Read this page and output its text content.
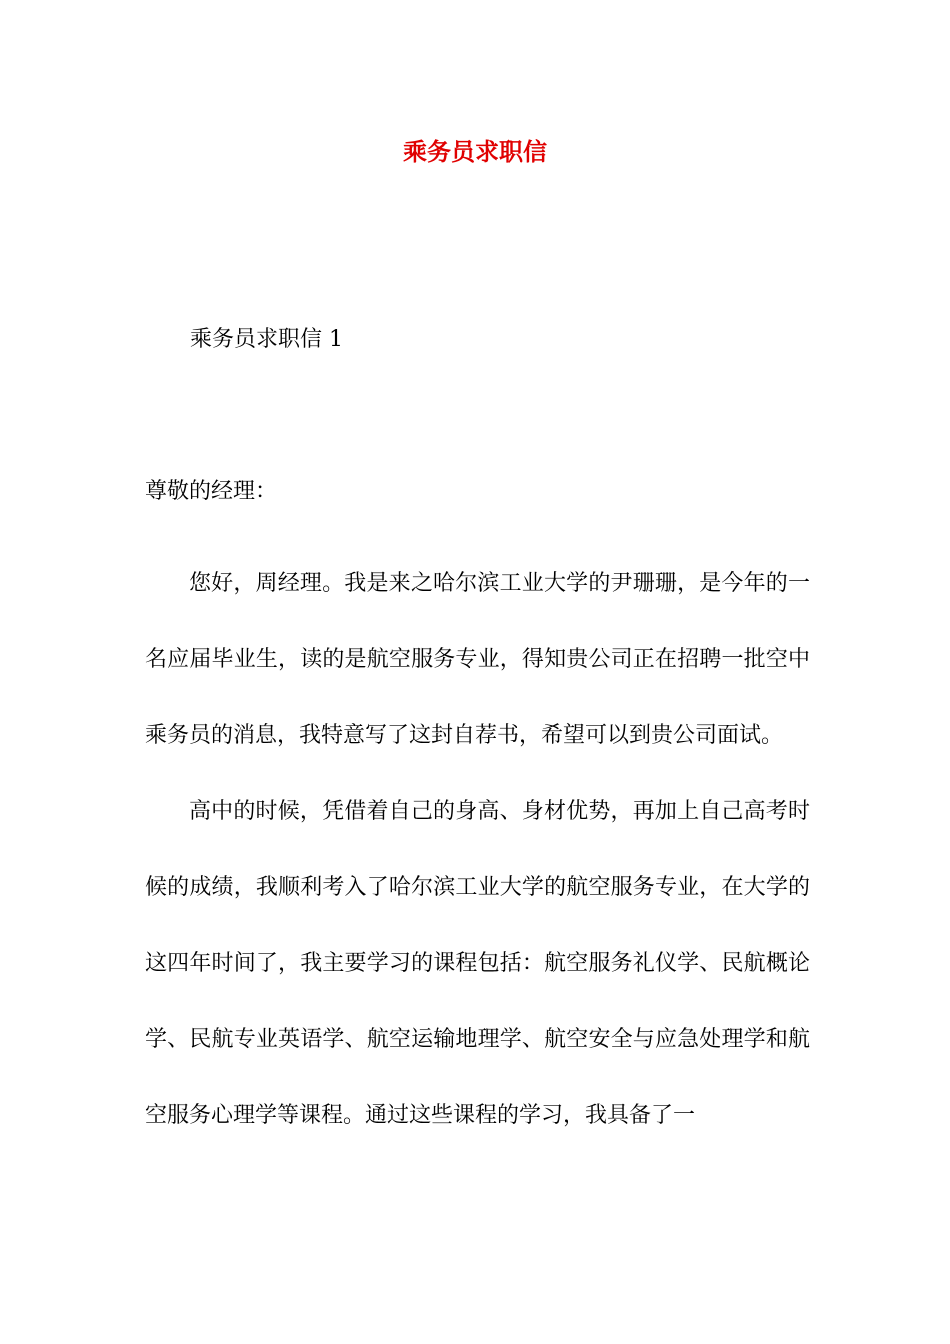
乘务员求职信

乘务员求职信 1

尊敬的经理：

您好，周经理。我是来之哈尔滨工业大学的尹珊珊，是今年的一名应届毕业生，读的是航空服务专业，得知贵公司正在招聘一批空中乘务员的消息，我特意写了这封自荐书，希望可以到贵公司面试。

高中的时候，凭借着自己的身高、身材优势，再加上自己高考时候的成绩，我顺利考入了哈尔滨工业大学的航空服务专业，在大学的这四年时间了，我主要学习的课程包括：航空服务礼仪学、民航概论学、民航专业英语学、航空运输地理学、航空安全与应急处理学和航空服务心理学等课程。通过这些课程的学习，我具备了一
